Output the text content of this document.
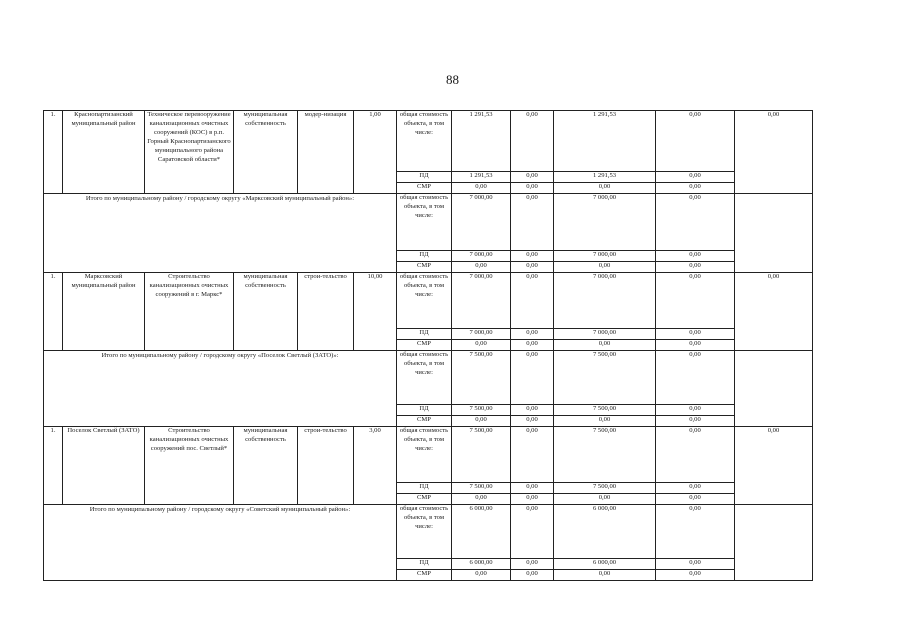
88
1.	Краснопартизанский муниципальный район	Техническое перевооружение канализационных очистных сооружений (КОС) в р.п. Горный Краснопартизанского муниципального района Саратовской области*	муниципальная собственность	модер-низация	1,00	общая стоимость объекта, в том числе:	1 291,53	0,00	1 291,53	0,00	0,00	
						ПД	1 291,53	0,00	1 291,53	0,00		
						СМР	0,00	0,00	0,00	0,00		
Итого по муниципальному району / городскому округу «Марксовский муниципальный район»:						общая стоимость объекта, в том числе:	7 000,00	0,00	7 000,00	0,00		
						ПД	7 000,00	0,00	7 000,00	0,00		
						СМР	0,00	0,00	0,00	0,00		
1.	Марксовский муниципальный район	Строительство канализационных очистных сооружений в г. Маркс*	муниципальная собственность	строи-тельство	10,00	общая стоимость объекта, в том числе:	7 000,00	0,00	7 000,00	0,00	0,00	
						ПД	7 000,00	0,00	7 000,00	0,00		
						СМР	0,00	0,00	0,00	0,00		
Итого по муниципальному району / городскому округу «Поселок Светлый (ЗАТО)»:						общая стоимость объекта, в том числе:	7 500,00	0,00	7 500,00	0,00		
						ПД	7 500,00	0,00	7 500,00	0,00		
						СМР	0,00	0,00	0,00	0,00		
1.	Поселок Светлый (ЗАТО)	Строительство канализационных очистных сооружений пос. Светлый*	муниципальная собственность	строи-тельство	3,00	общая стоимость объекта, в том числе:	7 500,00	0,00	7 500,00	0,00	0,00	
						ПД	7 500,00	0,00	7 500,00	0,00		
						СМР	0,00	0,00	0,00	0,00		
Итого по муниципальному району / городскому округу «Советский муниципальный район»:						общая стоимость объекта, в том числе:	6 000,00	0,00	6 000,00	0,00		
						ПД	6 000,00	0,00	6 000,00	0,00		
						СМР	0,00	0,00	0,00	0,00		
